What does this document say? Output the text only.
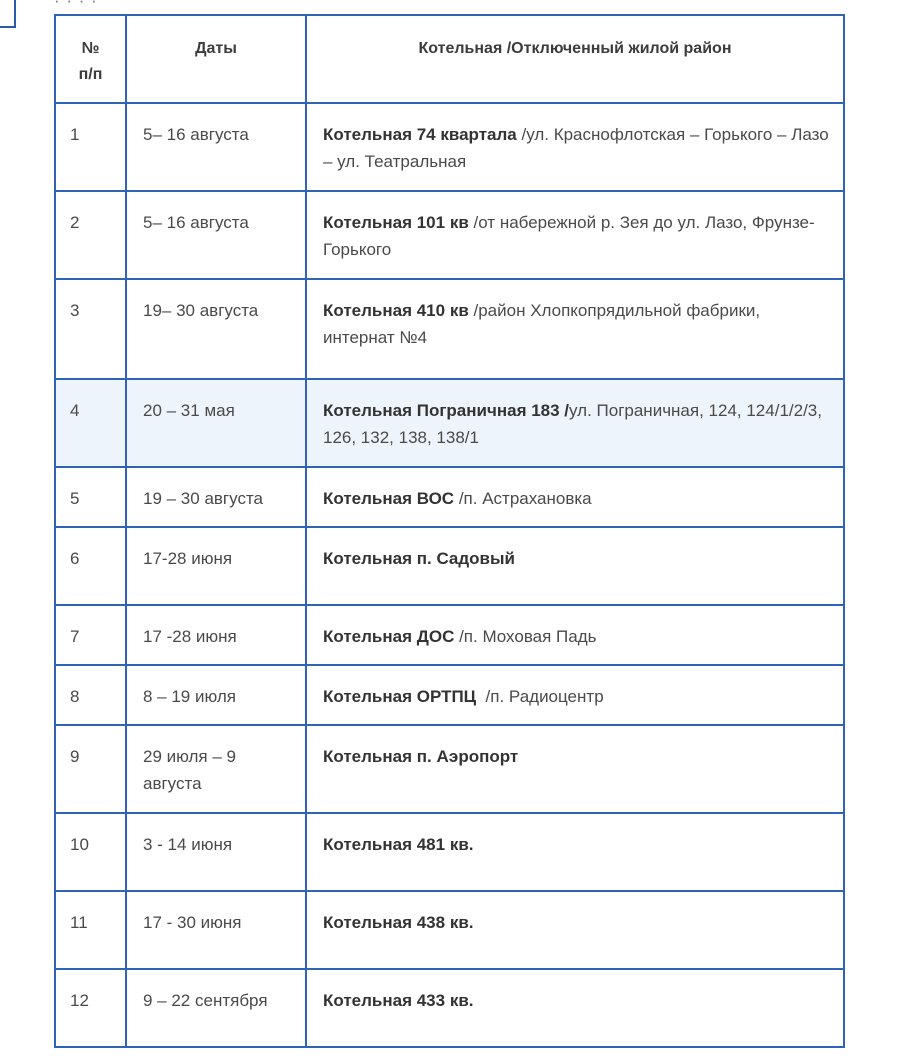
· · · ·
№
п/п	Даты	Котельная /Отключенный жилой район

1	5– 16 августа	Котельная 74 квартала /ул. Краснофлотская – Горького – Лазо – ул. Театральная

2	5– 16 августа	Котельная 101 кв /от набережной р. Зея до ул. Лазо, Фрунзе-Горького

3	19– 30 августа	Котельная 410 кв /район Хлопкопрядильной фабрики, интернат №4

4	20 – 31 мая	Котельная Пограничная 183 /ул. Пограничная, 124, 124/1/2/3, 126, 132, 138, 138/1

5	19 – 30 августа	Котельная ВОС /п. Астрахановка

6	17-28 июня	Котельная п. Садовый

7	17 -28 июня	Котельная ДОС /п. Моховая Падь

8	8 – 19 июля	Котельная ОРТПЦ  /п. Радиоцентр

9	29 июля – 9 августа	Котельная п. Аэропорт

10	3 - 14 июня	Котельная 481 кв.

11	17 - 30 июня	Котельная 438 кв.

12	9 – 22 сентября	Котельная 433 кв.
